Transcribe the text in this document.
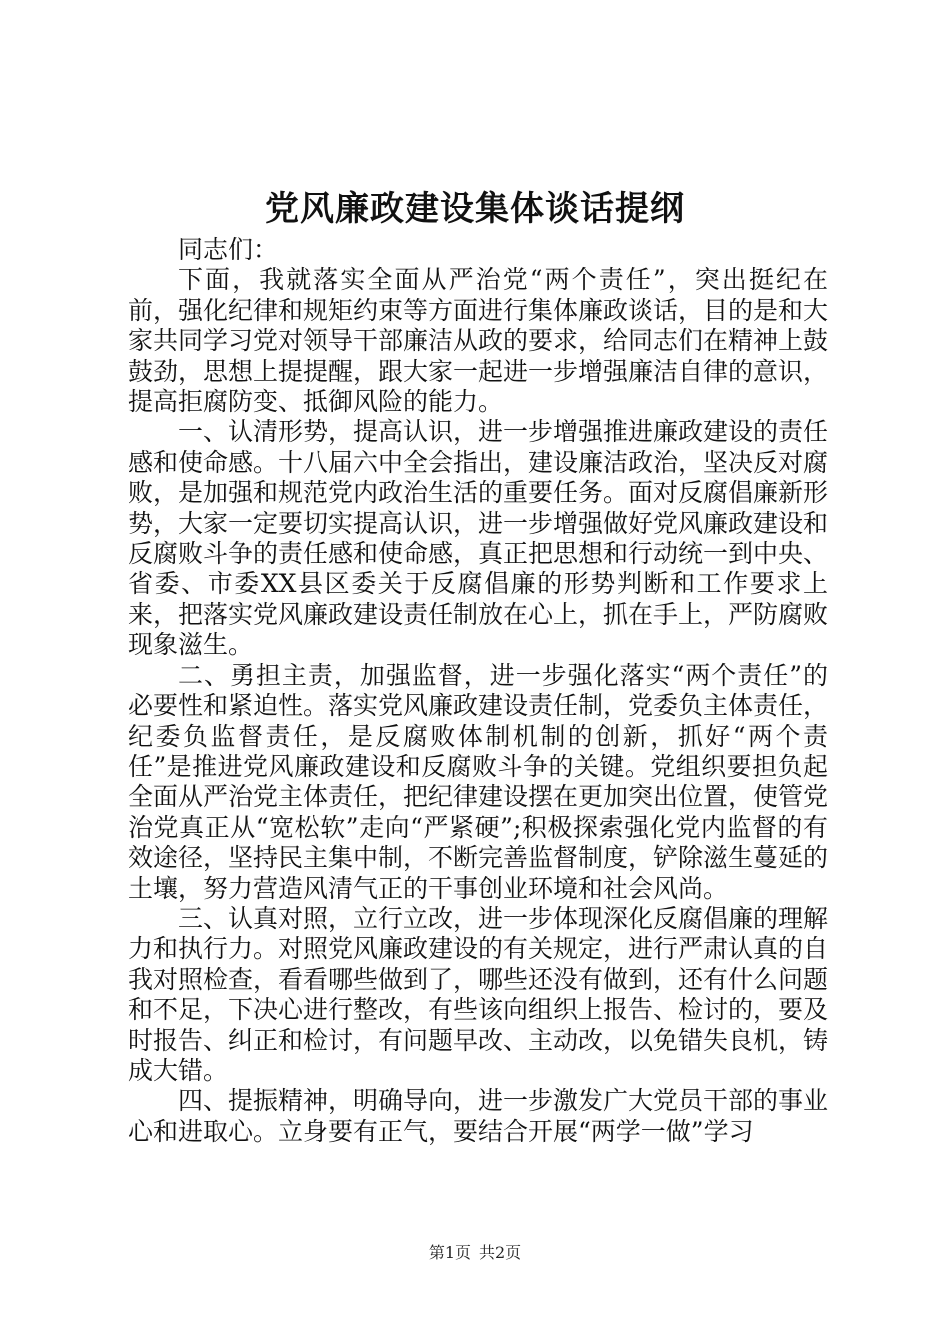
党风廉政建设集体谈话提纲

同志们：

下面，我就落实全面从严治党“两个责任”，突出挺纪在前，强化纪律和规矩约束等方面进行集体廉政谈话，目的是和大家共同学习党对领导干部廉洁从政的要求，给同志们在精神上鼓鼓劲，思想上提提醒，跟大家一起进一步增强廉洁自律的意识，提高拒腐防变、抵御风险的能力。

一、认清形势，提高认识，进一步增强推进廉政建设的责任感和使命感。十八届六中全会指出，建设廉洁政治，坚决反对腐败，是加强和规范党内政治生活的重要任务。面对反腐倡廉新形势，大家一定要切实提高认识，进一步增强做好党风廉政建设和反腐败斗争的责任感和使命感，真正把思想和行动统一到中央、省委、市委XX县区委关于反腐倡廉的形势判断和工作要求上来，把落实党风廉政建设责任制放在心上，抓在手上，严防腐败现象滋生。

二、勇担主责，加强监督，进一步强化落实“两个责任”的必要性和紧迫性。落实党风廉政建设责任制，党委负主体责任，纪委负监督责任，是反腐败体制机制的创新，抓好“两个责任”是推进党风廉政建设和反腐败斗争的关键。党组织要担负起全面从严治党主体责任，把纪律建设摆在更加突出位置，使管党治党真正从“宽松软”走向“严紧硬”;积极探索强化党内监督的有效途径，坚持民主集中制，不断完善监督制度，铲除滋生蔓延的土壤，努力营造风清气正的干事创业环境和社会风尚。

三、认真对照，立行立改，进一步体现深化反腐倡廉的理解力和执行力。对照党风廉政建设的有关规定，进行严肃认真的自我对照检查，看看哪些做到了，哪些还没有做到，还有什么问题和不足，下决心进行整改，有些该向组织上报告、检讨的，要及时报告、纠正和检讨，有问题早改、主动改，以免错失良机，铸成大错。

四、提振精神，明确导向，进一步激发广大党员干部的事业心和进取心。立身要有正气，要结合开展“两学一做”学习

第1页 共2页
